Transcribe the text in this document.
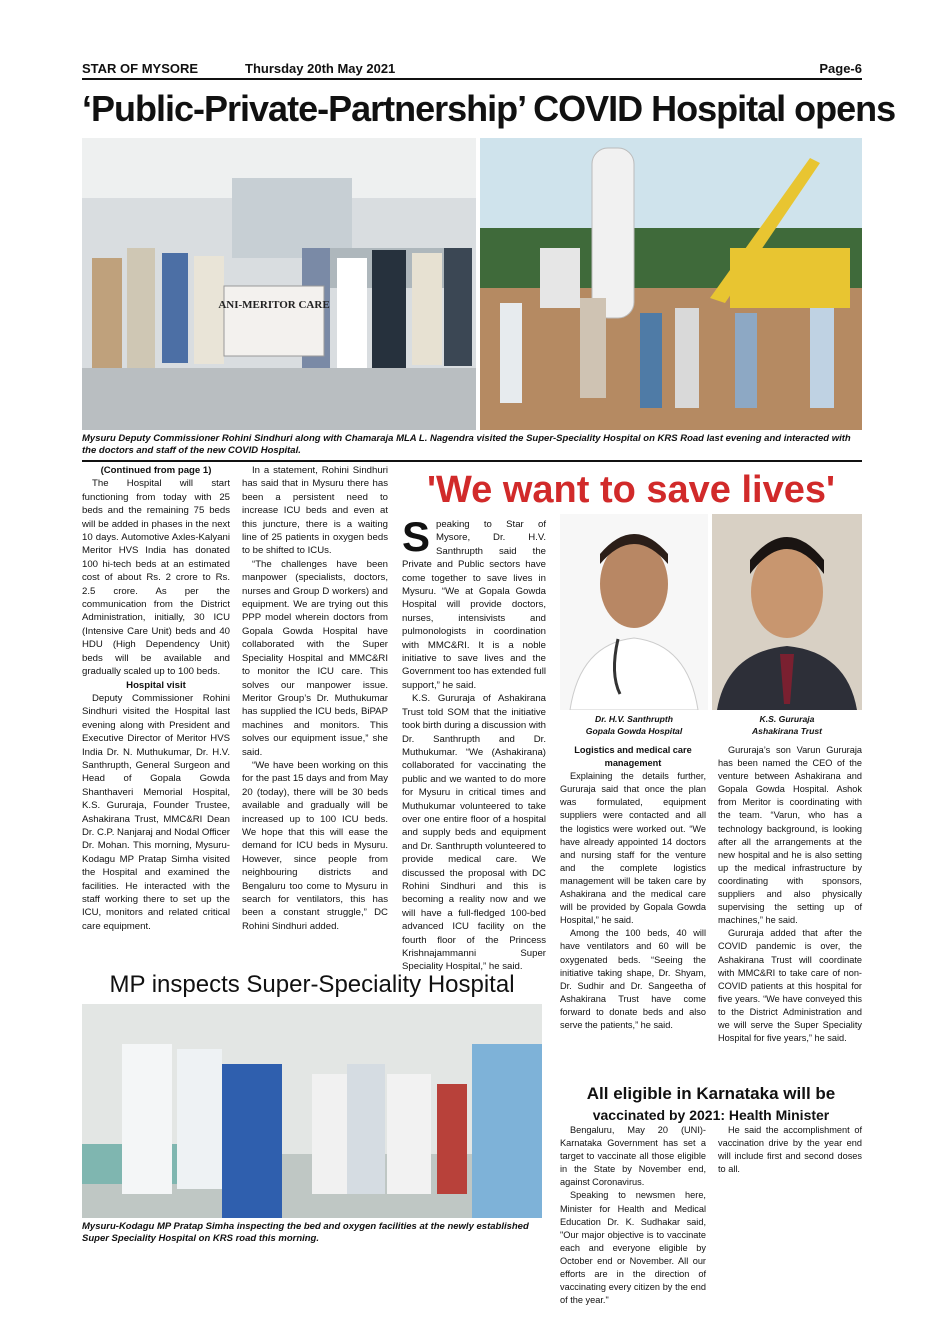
STAR OF MYSORE	Thursday 20th May 2021	Page-6
‘Public-Private-Partnership’ COVID Hospital opens
ANI-MERITOR CARE
Mysuru Deputy Commissioner Rohini Sindhuri along with Chamaraja MLA L. Nagendra visited the Super-Speciality Hospital on KRS Road last evening and interacted with the doctors and staff of the new COVID Hospital.

(Continued from page 1)

The Hospital will start functioning from today with 25 beds and the remaining 75 beds will be added in phases in the next 10 days. Automotive Axles-Kalyani Meritor HVS India has donated 100 hi-tech beds at an estimated cost of about Rs. 2 crore to Rs. 2.5 crore. As per the communication from the District Administration, initially, 30 ICU (Intensive Care Unit) beds and 40 HDU (High Dependency Unit) beds will be available and gradually scaled up to 100 beds.

Hospital visit

Deputy Commissioner Rohini Sindhuri visited the Hospital last evening along with President and Executive Director of Meritor HVS India Dr. N. Muthukumar, Dr. H.V. Santhrupth, General Surgeon and Head of Gopala Gowda Shanthaveri Memorial Hospital, K.S. Gururaja, Founder Trustee, Ashakirana Trust, MMC&RI Dean Dr. C.P. Nanjaraj and Nodal Officer Dr. Mohan. This morning, Mysuru-Kodagu MP Pratap Simha visited the Hospital and examined the facilities. He interacted with the staff working there to set up the ICU, monitors and related critical care equipment.

In a statement, Rohini Sindhuri has said that in Mysuru there has been a persistent need to increase ICU beds and even at this juncture, there is a waiting line of 25 patients in oxygen beds to be shifted to ICUs.

“The challenges have been manpower (specialists, doctors, nurses and Group D workers) and equipment. We are trying out this PPP model wherein doctors from Gopala Gowda Hospital have collaborated with the Super Speciality Hospital and MMC&RI to monitor the ICU care. This solves our manpower issue. Meritor Group’s Dr. Muthukumar has supplied the ICU beds, BiPAP machines and monitors. This solves our equipment issue,” she said.

“We have been working on this for the past 15 days and from May 20 (today), there will be 30 beds available and gradually will be increased up to 100 ICU beds. We hope that this will ease the demand for ICU beds in Mysuru. However, since people from neighbouring districts and Bengaluru too come to Mysuru in search for ventilators, this has been a constant struggle,” DC Rohini Sindhuri added.

'We want to save lives'

Speaking to Star of Mysore, Dr. H.V. Santhrupth said the Private and Public sectors have come together to save lives in Mysuru. “We at Gopala Gowda Hospital will provide doctors, nurses, intensivists and pulmonologists in coordination with MMC&RI. It is a noble initiative to save lives and the Government too has extended full support,” he said.

K.S. Gururaja of Ashakirana Trust told SOM that the initiative took birth during a discussion with Dr. Santhrupth and Dr. Muthukumar. “We (Ashakirana) collaborated for vaccinating the public and we wanted to do more for Mysuru in critical times and Muthukumar volunteered to take over one entire floor of a hospital and supply beds and equipment and Dr. Santhrupth volunteered to provide medical care. We discussed the proposal with DC Rohini Sindhuri and this is becoming a reality now and we will have a full-fledged 100-bed advanced ICU facility on the fourth floor of the Princess Krishnajammanni Super Speciality Hospital,” he said.

Dr. H.V. Santhrupth
Gopala Gowda Hospital
K.S. Gururaja
Ashakirana Trust

Logistics and medical care management

Explaining the details further, Gururaja said that once the plan was formulated, equipment suppliers were contacted and all the logistics were worked out. “We have already appointed 14 doctors and nursing staff for the venture and the complete logistics management will be taken care by Ashakirana and the medical care will be provided by Gopala Gowda Hospital,” he said.

Among the 100 beds, 40 will have ventilators and 60 will be oxygenated beds. “Seeing the initiative taking shape, Dr. Shyam, Dr. Sudhir and Dr. Sangeetha of Ashakirana Trust have come forward to donate beds and also serve the patients,” he said.

Gururaja’s son Varun Gururaja has been named the CEO of the venture between Ashakirana and Gopala Gowda Hospital. Ashok from Meritor is coordinating with the team. “Varun, who has a technology background, is looking after all the arrangements at the new hospital and he is also setting up the medical infrastructure by coordinating with sponsors, suppliers and also physically supervising the setting up of machines,” he said.

Gururaja added that after the COVID pandemic is over, the Ashakirana Trust will coordinate with MMC&RI to take care of non-COVID patients at this hospital for five years. “We have conveyed this to the District Administration and we will serve the Super Speciality Hospital for five years,” he said.

MP inspects Super-Speciality Hospital
Mysuru-Kodagu MP Pratap Simha inspecting the bed and oxygen facilities at the newly established Super Speciality Hospital on KRS road this morning.
All eligible in Karnataka will be
vaccinated by 2021: Health Minister

Bengaluru, May 20 (UNI)- Karnataka Government has set a target to vaccinate all those eligible in the State by November end, against Coronavirus.

Speaking to newsmen here, Minister for Health and Medical Education Dr. K. Sudhakar said, "Our major objective is to vaccinate each and everyone eligible by October end or November. All our efforts are in the direction of vaccinating every citizen by the end of the year."

He said the accomplishment of vaccination drive by the year end will include first and second doses to all.
